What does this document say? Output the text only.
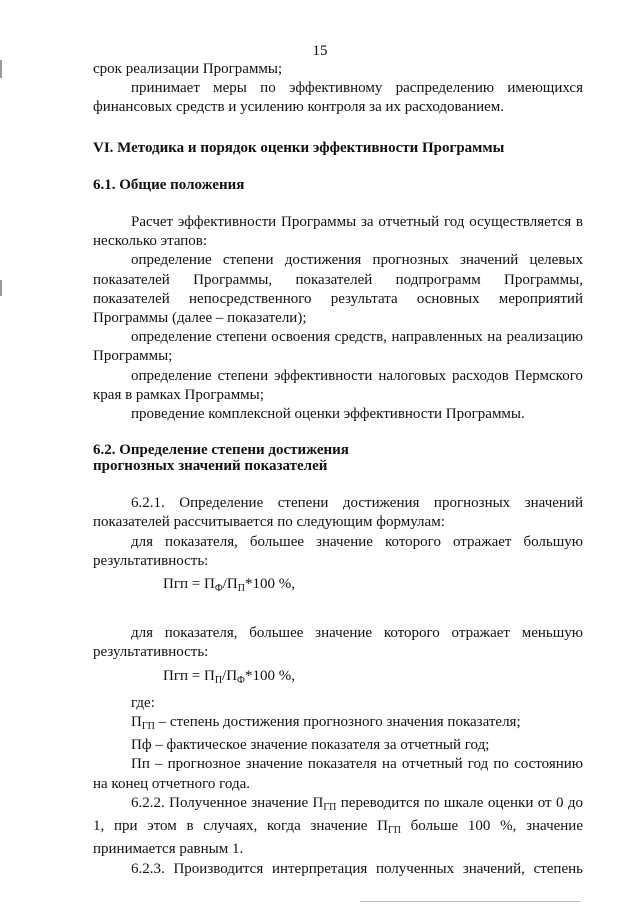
15

срок реализации Программы;

принимает меры по эффективному распределению имеющихся финансовых средств и усилению контроля за их расходованием.

VI. Методика и порядок оценки эффективности Программы

6.1. Общие положения

Расчет эффективности Программы за отчетный год осуществляется в несколько этапов:

определение степени достижения прогнозных значений целевых показателей Программы, показателей подпрограмм Программы, показателей непосредственного результата основных мероприятий Программы (далее – показатели);

определение степени освоения средств, направленных на реализацию Программы;

определение степени эффективности налоговых расходов Пермского края в рамках Программы;

проведение комплексной оценки эффективности Программы.

6.2. Определение степени достижения
прогнозных значений показателей

6.2.1. Определение степени достижения прогнозных значений показателей рассчитывается по следующим формулам:

для показателя, большее значение которого отражает большую результативность:

Пгп = $П_Ф/П_П*100$ %,

для показателя, большее значение которого отражает меньшую результативность:

Пгп = $П_П/П_Ф*100$ %,

где:

$П_{ГП}$ – степень достижения прогнозного значения показателя;

Пф – фактическое значение показателя за отчетный год;

Пп – прогнозное значение показателя на отчетный год по состоянию на конец отчетного года.

6.2.2. Полученное значение $П_{ГП}$ переводится по шкале оценки от 0 до 1, при этом в случаях, когда значение $П_{ГП}$ больше 100 %, значение принимается равным 1.

6.2.3. Производится интерпретация полученных значений, степень
